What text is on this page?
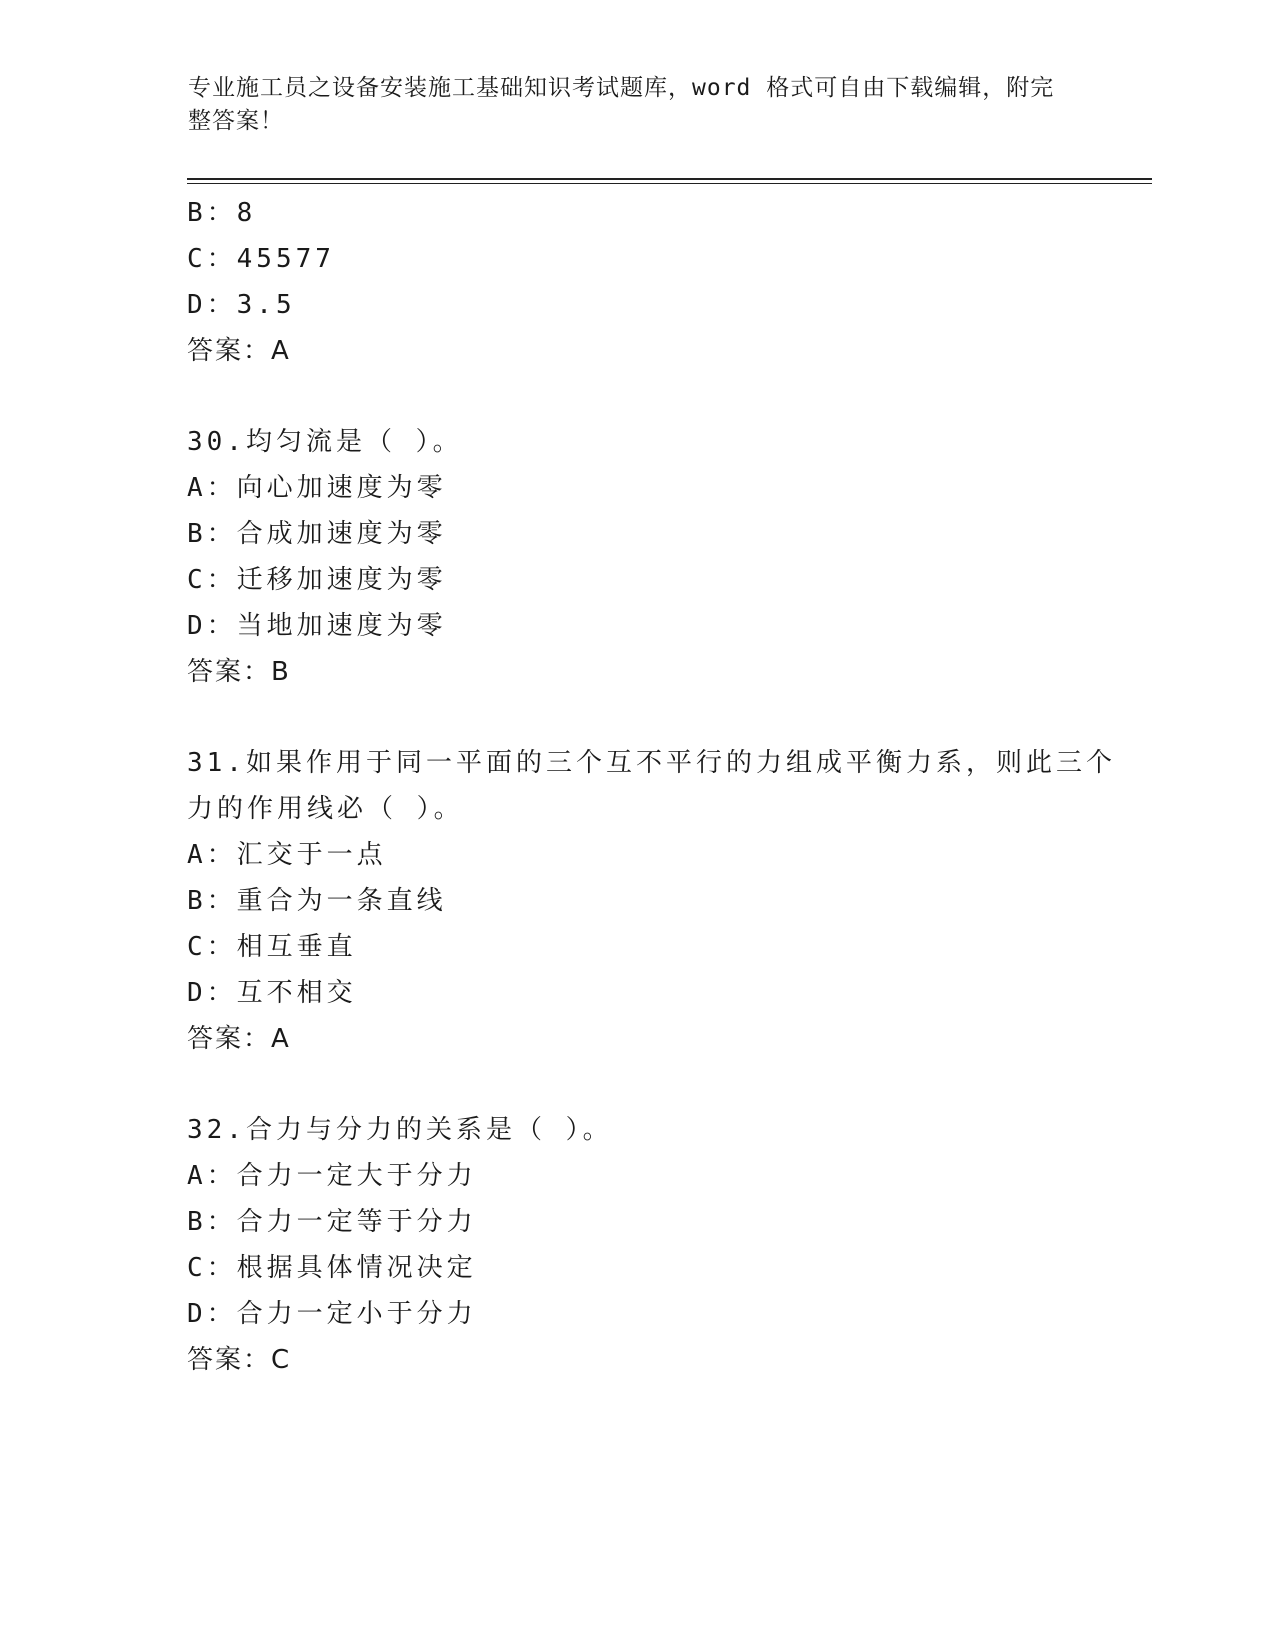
专业施工员之设备安装施工基础知识考试题库，word 格式可自由下载编辑，附完
整答案！
B：8
C：45577
D：3.5
答案：A
30.均匀流是（ ）。
A：向心加速度为零
B：合成加速度为零
C：迁移加速度为零
D：当地加速度为零
答案：B
31.如果作用于同一平面的三个互不平行的力组成平衡力系，则此三个
力的作用线必（ ）。
A：汇交于一点
B：重合为一条直线
C：相互垂直
D：互不相交
答案：A
32.合力与分力的关系是（ ）。
A：合力一定大于分力
B：合力一定等于分力
C：根据具体情况决定
D：合力一定小于分力
答案：C
